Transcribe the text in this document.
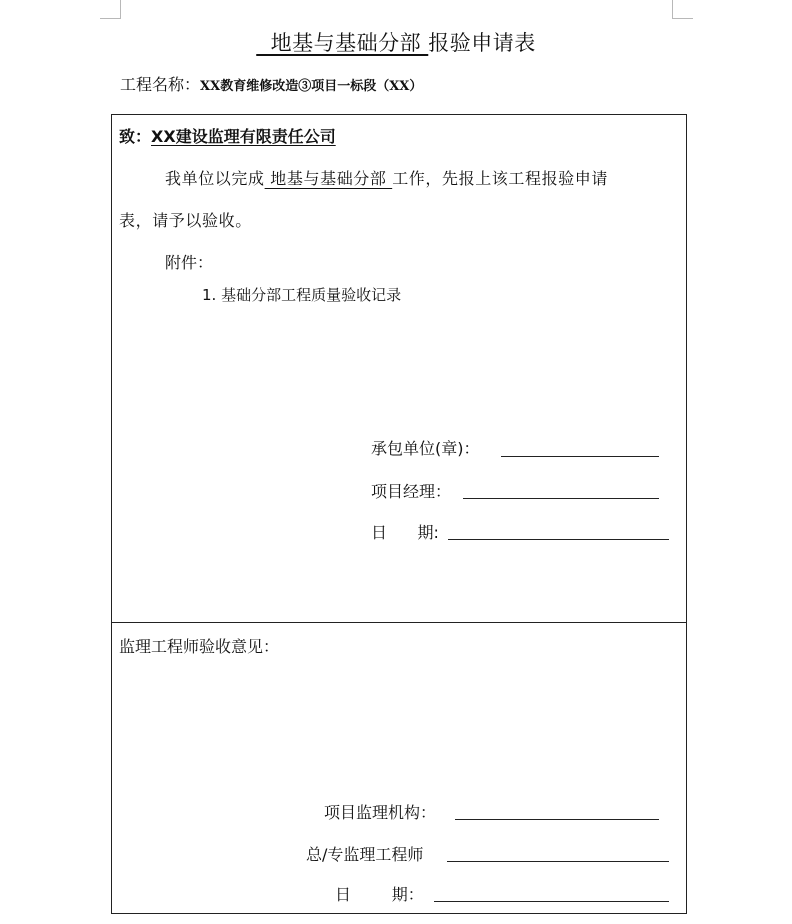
地基与基础分部 报验申请表
工程名称：XX教育维修改造③项目一标段（XX）
致：XX建设监理有限责任公司
我单位以完成 地基与基础分部 工作，先报上该工程报验申请
表，请予以验收。
附件：
1. 基础分部工程质量验收记录
承包单位(章)：
项目经理：
日      期:
监理工程师验收意见：
项目监理机构：
总/专监理工程师
日        期：
